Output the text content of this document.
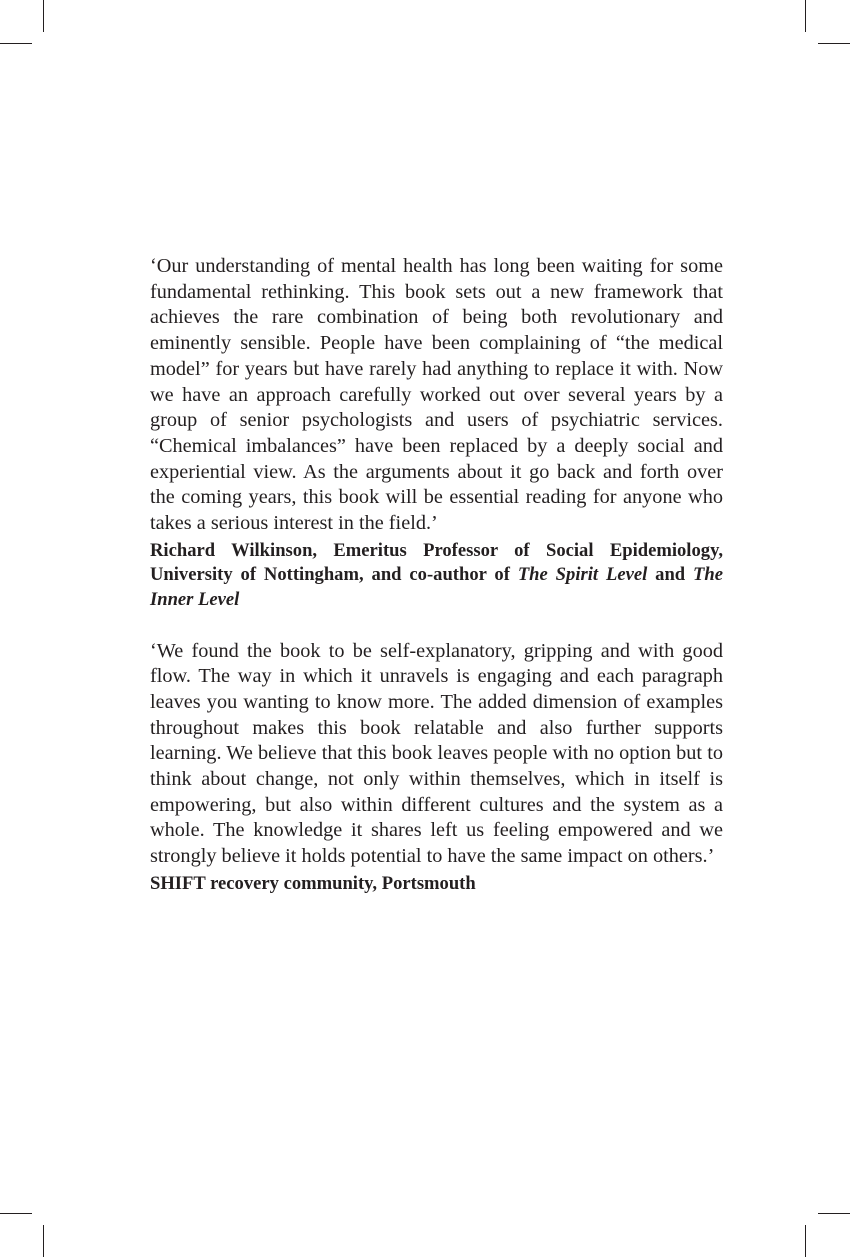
‘Our understanding of mental health has long been waiting for some fundamental rethinking. This book sets out a new framework that achieves the rare combination of being both revolutionary and eminently sensible. People have been complaining of “the medical model” for years but have rarely had anything to replace it with. Now we have an approach carefully worked out over several years by a group of senior psychologists and users of psychiatric services. “Chemical imbalances” have been replaced by a deeply social and experiential view. As the arguments about it go back and forth over the coming years, this book will be essential reading for anyone who takes a serious interest in the field.’

Richard Wilkinson, Emeritus Professor of Social Epidemiology, University of Nottingham, and co-author of The Spirit Level and The Inner Level

‘We found the book to be self-explanatory, gripping and with good flow. The way in which it unravels is engaging and each paragraph leaves you wanting to know more. The added dimension of examples throughout makes this book relatable and also further supports learning. We believe that this book leaves people with no option but to think about change, not only within themselves, which in itself is empowering, but also within different cultures and the system as a whole. The knowledge it shares left us feeling empowered and we strongly believe it holds potential to have the same impact on others.’

SHIFT recovery community, Portsmouth
